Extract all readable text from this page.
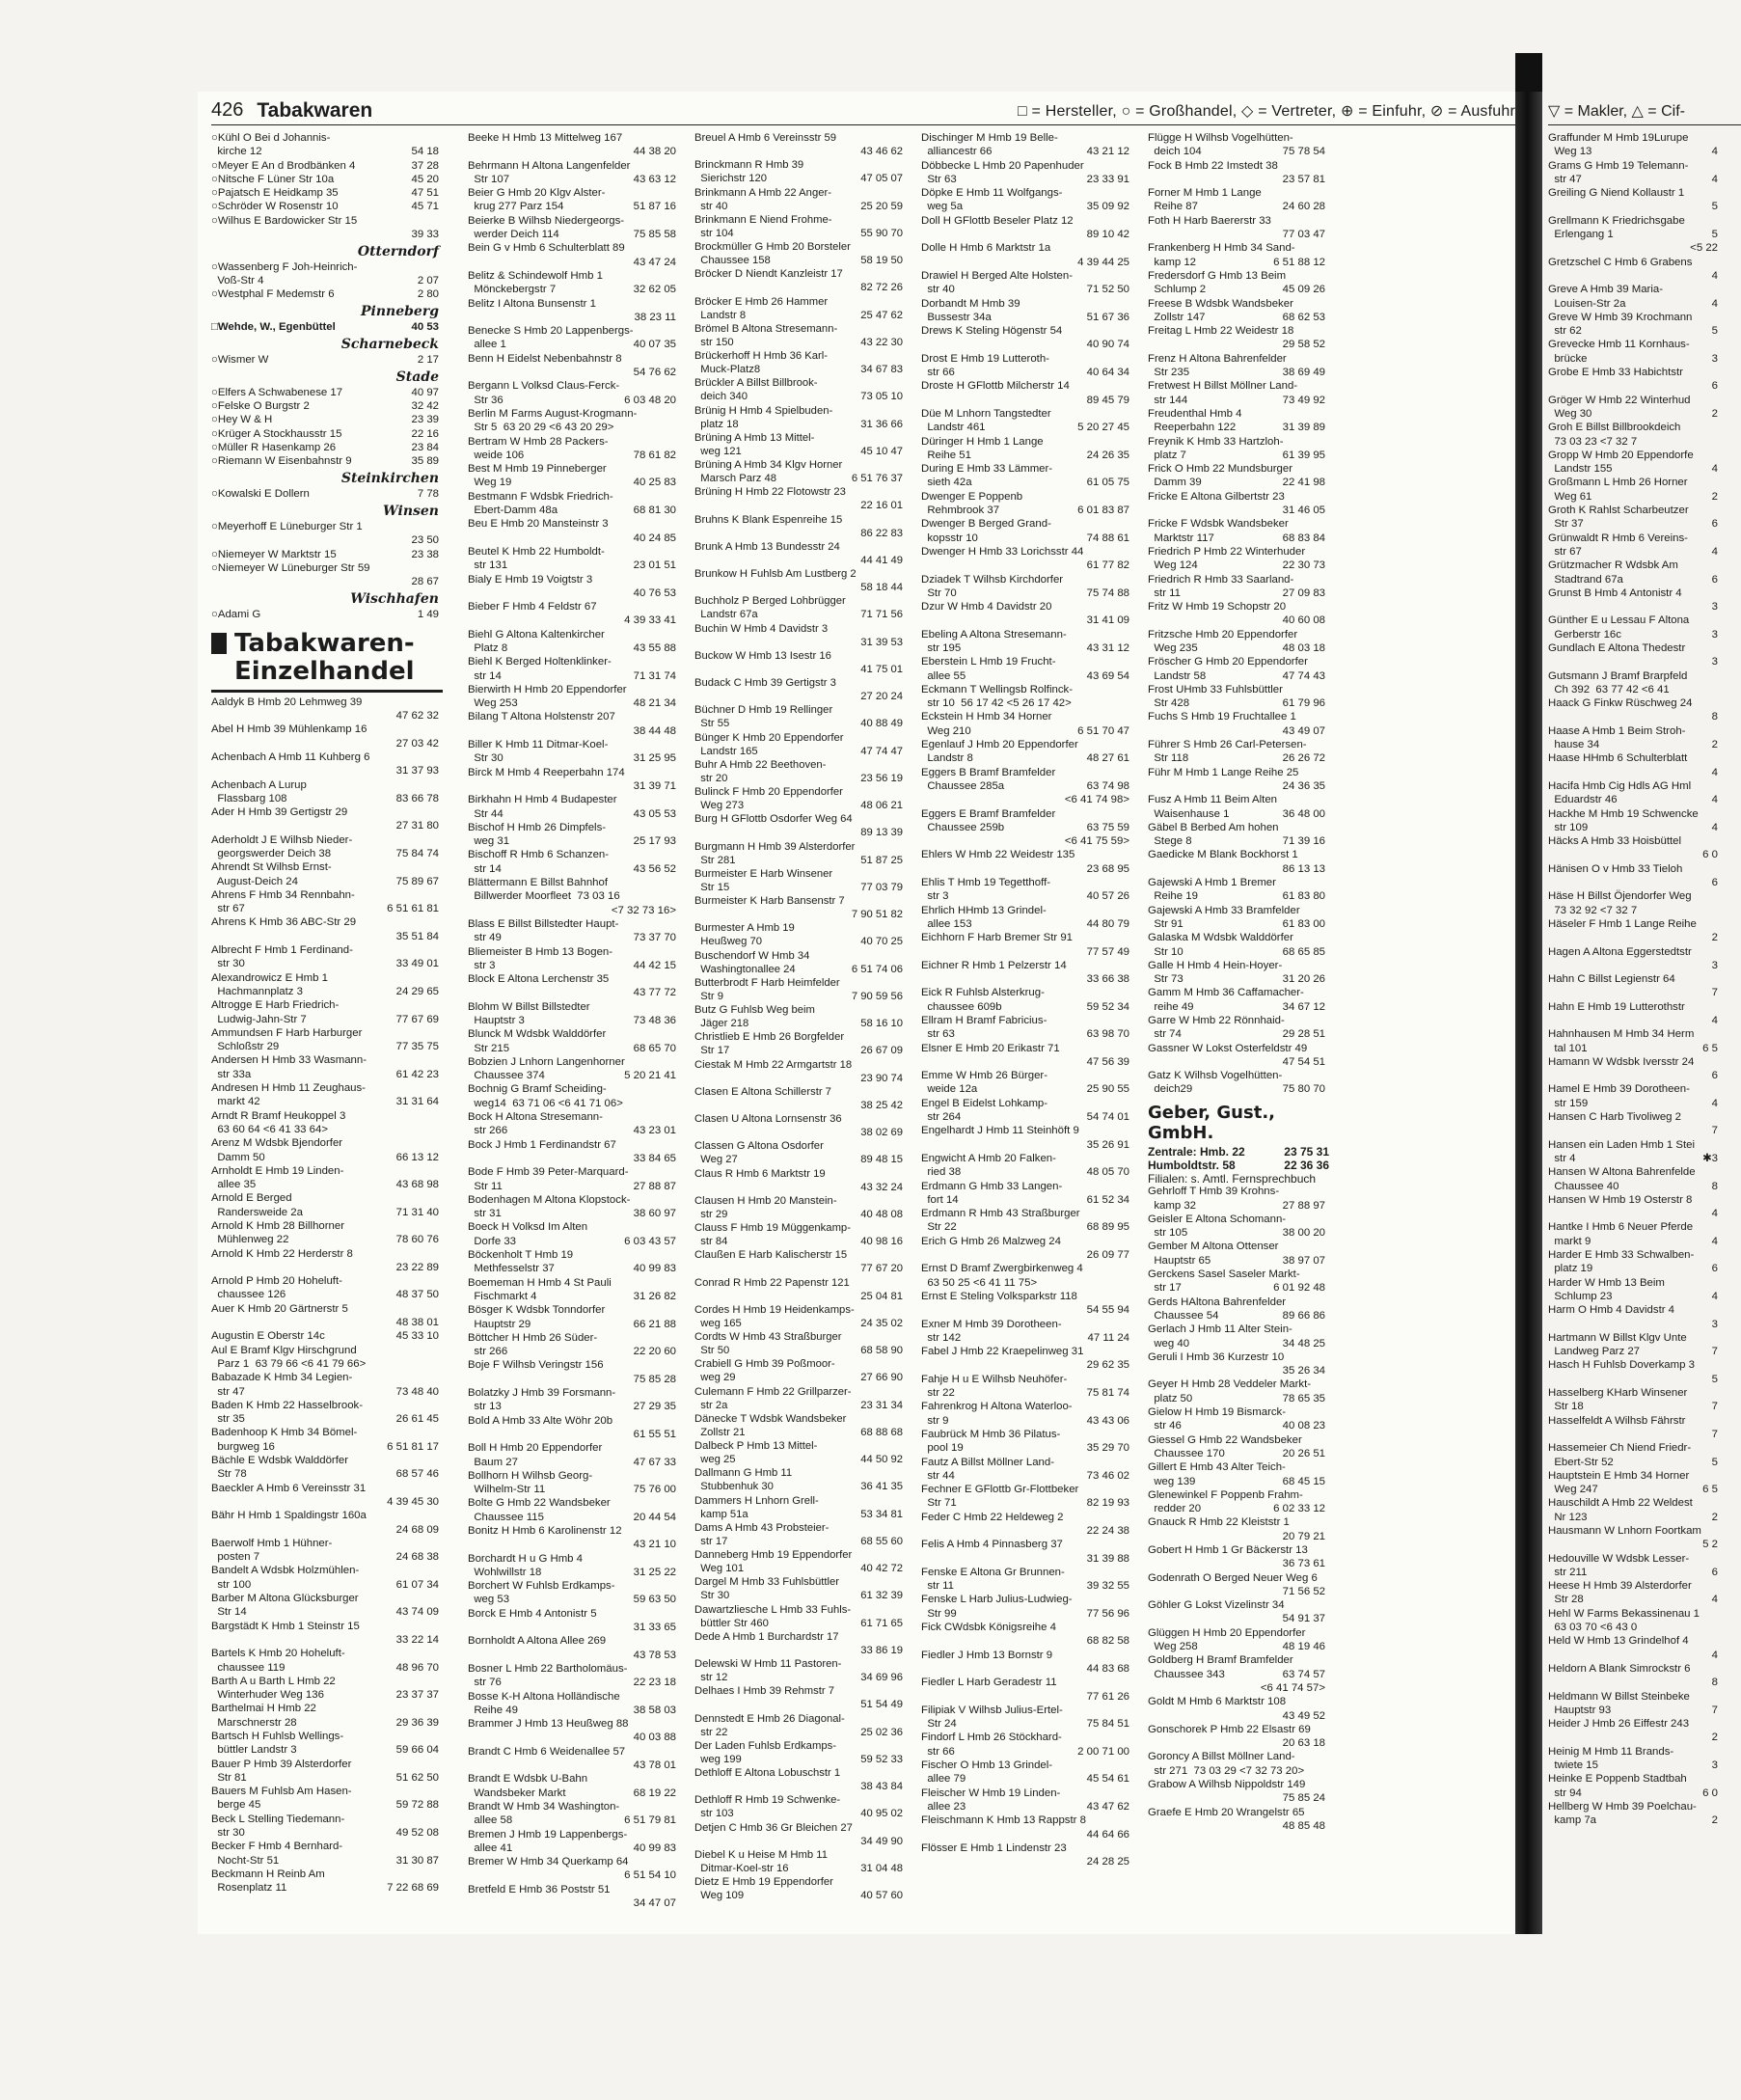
426 Tabakwaren	□ = Hersteller, ○ = Großhandel, ◇ = Vertreter, ⊕ = Einfuhr, ⊘ = Ausfuhr ▽ = Makler, △ = Cif-
○Kühl O Bei d Johannis-
kirche 12	54 18
○Meyer E An d Brodbänken 4	37 28
○Nitsche F Lüner Str 10a	45 20
○Pajatsch E Heidkamp 35	47 51
○Schröder W Rosenstr 10	45 71
○Wilhus E Bardowicker Str 15
39 33
Otterndorf
○Wassenberg F Joh-Heinrich-
Voß-Str 4	2 07
○Westphal F Medemstr 6	2 80
Pinneberg
□Wehde, W., Egenbüttel	40 53
Scharnebeck
○Wismer W	2 17
Stade
○Elfers A Schwabenese 17	40 97
○Felske O Burgstr 2	32 42
○Hey W & H	23 39
○Krüger A Stockhausstr 15	22 16
○Müller R Hasenkamp 26	23 84
○Riemann W Eisenbahnstr 9	35 89
Steinkirchen
○Kowalski E Dollern	7 78
Winsen
○Meyerhoff E Lüneburger Str 1
23 50
○Niemeyer W Marktstr 15	23 38
○Niemeyer W Lüneburger Str 59
28 67
Wischhafen
○Adami G	1 49
Tabakwaren-
Einzelhandel
Aaldyk B Hmb 20 Lehmweg 39
47 62 32
Abel H Hmb 39 Mühlenkamp 16
27 03 42
Achenbach A Hmb 11 Kuhberg 6
31 37 93
Achenbach A Lurup
Flassbarg 108	83 66 78
Ader H Hmb 39 Gertigstr 29
27 31 80
Aderholdt J E Wilhsb Nieder-
georgswerder Deich 38	75 84 74
Ahrendt St Wilhsb Ernst-
August-Deich 24	75 89 67
Ahrens F Hmb 34 Rennbahn-
str 67	6 51 61 81
Ahrens K Hmb 36 ABC-Str 29
35 51 84
Albrecht F Hmb 1 Ferdinand-
str 30	33 49 01
Alexandrowicz E Hmb 1
Hachmannplatz 3	24 29 65
Altrogge E Harb Friedrich-
Ludwig-Jahn-Str 7	77 67 69
Ammundsen F Harb Harburger
Schloßstr 29	77 35 75
Andersen H Hmb 33 Wasmann-
str 33a	61 42 23
Andresen H Hmb 11 Zeughaus-
markt 42	31 31 64
Arndt R Bramf Heukoppel 3
63 60 64 <6 41 33 64>
Arenz M Wdsbk Bjendorfer
Damm 50	66 13 12
Arnholdt E Hmb 19 Linden-
allee 35	43 68 98
Arnold E Berged
Randersweide 2a	71 31 40
Arnold K Hmb 28 Billhorner
Mühlenweg 22	78 60 76
Arnold K Hmb 22 Herderstr 8
23 22 89
Arnold P Hmb 20 Hoheluft-
chaussee 126	48 37 50
Auer K Hmb 20 Gärtnerstr 5
48 38 01
Augustin E Oberstr 14c	45 33 10
Aul E Bramf Klgv Hirschgrund
Parz 1  63 79 66 <6 41 79 66>
Babazade K Hmb 34 Legien-
str 47	73 48 40
Baden K Hmb 22 Hasselbrook-
str 35	26 61 45
Badenhoop K Hmb 34 Bömel-
burgweg 16	6 51 81 17
Bächle E Wdsbk Walddörfer
Str 78	68 57 46
Baeckler A Hmb 6 Vereinsstr 31
4 39 45 30
Bähr H Hmb 1 Spaldingstr 160a
24 68 09
Baerwolf Hmb 1 Hühner-
posten 7	24 68 38
Bandelt A Wdsbk Holzmühlen-
str 100	61 07 34
Barber M Altona Glücksburger
Str 14	43 74 09
Bargstädt K Hmb 1 Steinstr 15
33 22 14
Bartels K Hmb 20 Hoheluft-
chaussee 119	48 96 70
Barth A u Barth L Hmb 22
Winterhuder Weg 136	23 37 37
Barthelmai H Hmb 22
Marschnerstr 28	29 36 39
Bartsch H Fuhlsb Wellings-
büttler Landstr 3	59 66 04
Bauer P Hmb 39 Alsterdorfer
Str 81	51 62 50
Bauers M Fuhlsb Am Hasen-
berge 45	59 72 88
Beck L Stelling Tiedemann-
str 30	49 52 08
Becker F Hmb 4 Bernhard-
Nocht-Str 51	31 30 87
Beckmann H Reinb Am
Rosenplatz 11	7 22 68 69
Beeke H Hmb 13 Mittelweg 167
44 38 20
Behrmann H Altona Langenfelder
Str 107	43 63 12
Beier G Hmb 20 Klgv Alster-
krug 277 Parz 154	51 87 16
Beierke B Wilhsb Niedergeorgs-
werder Deich 114	75 85 58
Bein G v Hmb 6 Schulterblatt 89
43 47 24
Belitz & Schindewolf Hmb 1
Mönckebergstr 7	32 62 05
Belitz I Altona Bunsenstr 1
38 23 11
Benecke S Hmb 20 Lappenbergs-
allee 1	40 07 35
Benn H Eidelst Nebenbahnstr 8
54 76 62
Bergann L Volksd Claus-Ferck-
Str 36	6 03 48 20
Berlin M Farms August-Krogmann-
Str 5  63 20 29 <6 43 20 29>
Bertram W Hmb 28 Packers-
weide 106	78 61 82
Best M Hmb 19 Pinneberger
Weg 19	40 25 83
Bestmann F Wdsbk Friedrich-
Ebert-Damm 48a	68 81 30
Beu E Hmb 20 Mansteinstr 3
40 24 85
Beutel K Hmb 22 Humboldt-
str 131	23 01 51
Bialy E Hmb 19 Voigtstr 3
40 76 53
Bieber F Hmb 4 Feldstr 67
4 39 33 41
Biehl G Altona Kaltenkircher
Platz 8	43 55 88
Biehl K Berged Holtenklinker-
str 14	71 31 74
Bierwirth H Hmb 20 Eppendorfer
Weg 253	48 21 34
Bilang T Altona Holstenstr 207
38 44 48
Biller K Hmb 11 Ditmar-Koel-
Str 30	31 25 95
Birck M Hmb 4 Reeperbahn 174
31 39 71
Birkhahn H Hmb 4 Budapester
Str 44	43 05 53
Bischof H Hmb 26 Dimpfels-
weg 31	25 17 93
Bischoff R Hmb 6 Schanzen-
str 14	43 56 52
Blättermann E Billst Bahnhof
Billwerder Moorfleet  73 03 16
<7 32 73 16>
Blass E Billst Billstedter Haupt-
str 49	73 37 70
Bliemeister B Hmb 13 Bogen-
str 3	44 42 15
Block E Altona Lerchenstr 35
43 77 72
Blohm W Billst Billstedter
Hauptstr 3	73 48 36
Blunck M Wdsbk Walddörfer
Str 215	68 65 70
Bobzien J Lnhorn Langenhorner
Chaussee 374	5 20 21 41
Bochnig G Bramf Scheiding-
weg14  63 71 06 <6 41 71 06>
Bock H Altona Stresemann-
str 266	43 23 01
Bock J Hmb 1 Ferdinandstr 67
33 84 65
Bode F Hmb 39 Peter-Marquard-
Str 11	27 88 87
Bodenhagen M Altona Klopstock-
str 31	38 60 97
Boeck H Volksd Im Alten
Dorfe 33	6 03 43 57
Böckenholt T Hmb 19
Methfesselstr 37	40 99 83
Boememan H Hmb 4 St Pauli
Fischmarkt 4	31 26 82
Bösger K Wdsbk Tonndorfer
Hauptstr 29	66 21 88
Böttcher H Hmb 26 Süder-
str 266	22 20 60
Boje F Wilhsb Veringstr 156
75 85 28
Bolatzky J Hmb 39 Forsmann-
str 13	27 29 35
Bold A Hmb 33 Alte Wöhr 20b
61 55 51
Boll H Hmb 20 Eppendorfer
Baum 27	47 67 33
Bollhorn H Wilhsb Georg-
Wilhelm-Str 11	75 76 00
Bolte G Hmb 22 Wandsbeker
Chaussee 115	20 44 54
Bonitz H Hmb 6 Karolinenstr 12
43 21 10
Borchardt H u G Hmb 4
Wohlwillstr 18	31 25 22
Borchert W Fuhlsb Erdkamps-
weg 53	59 63 50
Borck E Hmb 4 Antonistr 5
31 33 65
Bornholdt A Altona Allee 269
43 78 53
Bosner L Hmb 22 Bartholomäus-
str 76	22 23 18
Bosse K-H Altona Holländische
Reihe 49	38 58 03
Brammer J Hmb 13 Heußweg 88
40 03 88
Brandt C Hmb 6 Weidenallee 57
43 78 01
Brandt E Wdsbk U-Bahn
Wandsbeker Markt	68 19 22
Brandt W Hmb 34 Washington-
allee 58	6 51 79 81
Bremen J Hmb 19 Lappenbergs-
allee 41	40 99 83
Bremer W Hmb 34 Querkamp 64
6 51 54 10
Bretfeld E Hmb 36 Poststr 51
34 47 07
Breuel A Hmb 6 Vereinsstr 59
43 46 62
Brinckmann R Hmb 39
Sierichstr 120	47 05 07
Brinkmann A Hmb 22 Anger-
str 40	25 20 59
Brinkmann E Niend Frohme-
str 104	55 90 70
Brockmüller G Hmb 20 Borsteler
Chaussee 158	58 19 50
Bröcker D Niendt Kanzleistr 17
82 72 26
Bröcker E Hmb 26 Hammer
Landstr 8	25 47 62
Brömel B Altona Stresemann-
str 150	43 22 30
Brückerhoff H Hmb 36 Karl-
Muck-Platz8	34 67 83
Brückler A Billst Billbrook-
deich 340	73 05 10
Brünig H Hmb 4 Spielbuden-
platz 18	31 36 66
Brüning A Hmb 13 Mittel-
weg 121	45 10 47
Brüning A Hmb 34 Klgv Horner
Marsch Parz 48	6 51 76 37
Brüning H Hmb 22 Flotowstr 23
22 16 01
Bruhns K Blank Espenreihe 15
86 22 83
Brunk A Hmb 13 Bundesstr 24
44 41 49
Brunkow H Fuhlsb Am Lustberg 2
58 18 44
Buchholz P Berged Lohbrügger
Landstr 67a	71 71 56
Buchin W Hmb 4 Davidstr 3
31 39 53
Buckow W Hmb 13 Isestr 16
41 75 01
Budack C Hmb 39 Gertigstr 3
27 20 24
Büchner D Hmb 19 Rellinger
Str 55	40 88 49
Bünger K Hmb 20 Eppendorfer
Landstr 165	47 74 47
Buhr A Hmb 22 Beethoven-
str 20	23 56 19
Bulinck F Hmb 20 Eppendorfer
Weg 273	48 06 21
Burg H GFlottb Osdorfer Weg 64
89 13 39
Burgmann H Hmb 39 Alsterdorfer
Str 281	51 87 25
Burmeister E Harb Winsener
Str 15	77 03 79
Burmeister K Harb Bansenstr 7
7 90 51 82
Burmester A Hmb 19
Heußweg 70	40 70 25
Buschendorf W Hmb 34
Washingtonallee 24	6 51 74 06
Butterbrodt F Harb Heimfelder
Str 9	7 90 59 56
Butz G Fuhlsb Weg beim
Jäger 218	58 16 10
Christlieb E Hmb 26 Borgfelder
Str 17	26 67 09
Ciestak M Hmb 22 Armgartstr 18
23 90 74
Clasen E Altona Schillerstr 7
38 25 42
Clasen U Altona Lornsenstr 36
38 02 69
Classen G Altona Osdorfer
Weg 27	89 48 15
Claus R Hmb 6 Marktstr 19
43 32 24
Clausen H Hmb 20 Manstein-
str 29	40 48 08
Clauss F Hmb 19 Müggenkamp-
str 84	40 98 16
Claußen E Harb Kalischerstr 15
77 67 20
Conrad R Hmb 22 Papenstr 121
25 04 81
Cordes H Hmb 19 Heidenkamps-
weg 165	24 35 02
Cordts W Hmb 43 Straßburger
Str 50	68 58 90
Crabiell G Hmb 39 Poßmoor-
weg 29	27 66 90
Culemann F Hmb 22 Grillparzer-
str 2a	23 31 34
Dänecke T Wdsbk Wandsbeker
Zollstr 21	68 88 68
Dalbeck P Hmb 13 Mittel-
weg 25	44 50 92
Dallmann G Hmb 11
Stubbenhuk 30	36 41 35
Dammers H Lnhorn Grell-
kamp 51a	53 34 81
Dams A Hmb 43 Probsteier-
str 17	68 55 60
Danneberg Hmb 19 Eppendorfer
Weg 101	40 42 72
Dargel M Hmb 33 Fuhlsbüttler
Str 30	61 32 39
Dawartzliesche L Hmb 33 Fuhls-
büttler Str 460	61 71 65
Dede A Hmb 1 Burchardstr 17
33 86 19
Delewski W Hmb 11 Pastoren-
str 12	34 69 96
Delhaes I Hmb 39 Rehmstr 7
51 54 49
Dennstedt E Hmb 26 Diagonal-
str 22	25 02 36
Der Laden Fuhlsb Erdkamps-
weg 199	59 52 33
Dethloff E Altona Lobuschstr 1
38 43 84
Dethloff R Hmb 19 Schwenke-
str 103	40 95 02
Detjen C Hmb 36 Gr Bleichen 27
34 49 90
Diebel K u Heise M Hmb 11
Ditmar-Koel-str 16	31 04 48
Dietz E Hmb 19 Eppendorfer
Weg 109	40 57 60
Dischinger M Hmb 19 Belle-
alliancestr 66	43 21 12
Döbbecke L Hmb 20 Papenhuder
Str 63	23 33 91
Döpke E Hmb 11 Wolfgangs-
weg 5a	35 09 92
Doll H GFlottb Beseler Platz 12
89 10 42
Dolle H Hmb 6 Marktstr 1a
4 39 44 25
Drawiel H Berged Alte Holsten-
str 40	71 52 50
Dorbandt M Hmb 39
Bussestr 34a	51 67 36
Drews K Steling Högenstr 54
40 90 74
Drost E Hmb 19 Lutteroth-
str 66	40 64 34
Droste H GFlottb Milcherstr 14
89 45 79
Düe M Lnhorn Tangstedter
Landstr 461	5 20 27 45
Düringer H Hmb 1 Lange
Reihe 51	24 26 35
During E Hmb 33 Lämmer-
sieth 42a	61 05 75
Dwenger E Poppenb
Rehmbrook 37	6 01 83 87
Dwenger B Berged Grand-
kopsstr 10	74 88 61
Dwenger H Hmb 33 Lorichsstr 44
61 77 82
Dziadek T Wilhsb Kirchdorfer
Str 70	75 74 88
Dzur W Hmb 4 Davidstr 20
31 41 09
Ebeling A Altona Stresemann-
str 195	43 31 12
Eberstein L Hmb 19 Frucht-
allee 55	43 69 54
Eckmann T Wellingsb Rolfinck-
str 10  56 17 42 <5 26 17 42>
Eckstein H Hmb 34 Horner
Weg 210	6 51 70 47
Egenlauf J Hmb 20 Eppendorfer
Landstr 8	48 27 61
Eggers B Bramf Bramfelder
Chaussee 285a	63 74 98
<6 41 74 98>
Eggers E Bramf Bramfelder
Chaussee 259b	63 75 59
<6 41 75 59>
Ehlers W Hmb 22 Weidestr 135
23 68 95
Ehlis T Hmb 19 Tegetthoff-
str 3	40 57 26
Ehrlich HHmb 13 Grindel-
allee 153	44 80 79
Eichhorn F Harb Bremer Str 91
77 57 49
Eichner R Hmb 1 Pelzerstr 14
33 66 38
Eick R Fuhlsb Alsterkrug-
chaussee 609b	59 52 34
Ellram H Bramf Fabricius-
str 63	63 98 70
Elsner E Hmb 20 Erikastr 71
47 56 39
Emme W Hmb 26 Bürger-
weide 12a	25 90 55
Engel B Eidelst Lohkamp-
str 264	54 74 01
Engelhardt J Hmb 11 Steinhöft 9
35 26 91
Engwicht A Hmb 20 Falken-
ried 38	48 05 70
Erdmann G Hmb 33 Langen-
fort 14	61 52 34
Erdmann R Hmb 43 Straßburger
Str 22	68 89 95
Erich G Hmb 26 Malzweg 24
26 09 77
Ernst D Bramf Zwergbirkenweg 4
63 50 25 <6 41 11 75>
Ernst E Steling Volksparkstr 118
54 55 94
Exner M Hmb 39 Dorotheen-
str 142	47 11 24
Fabel J Hmb 22 Kraepelinweg 31
29 62 35
Fahje H u E Wilhsb Neuhöfer-
str 22	75 81 74
Fahrenkrog H Altona Waterloo-
str 9	43 43 06
Faubrück M Hmb 36 Pilatus-
pool 19	35 29 70
Fautz A Billst Möllner Land-
str 44	73 46 02
Fechner E GFlottb Gr-Flottbeker
Str 71	82 19 93
Feder C Hmb 22 Heldeweg 2
22 24 38
Felis A Hmb 4 Pinnasberg 37
31 39 88
Fenske E Altona Gr Brunnen-
str 11	39 32 55
Fenske L Harb Julius-Ludwieg-
Str 99	77 56 96
Fick CWdsbk Königsreihe 4
68 82 58
Fiedler J Hmb 13 Bornstr 9
44 83 68
Fiedler L Harb Geradestr 11
77 61 26
Filipiak V Wilhsb Julius-Ertel-
Str 24	75 84 51
Findorf L Hmb 26 Stöckhard-
str 66	2 00 71 00
Fischer O Hmb 13 Grindel-
allee 79	45 54 61
Fleischer W Hmb 19 Linden-
allee 23	43 47 62
Fleischmann K Hmb 13 Rappstr 8
44 64 66
Flösser E Hmb 1 Lindenstr 23
24 28 25
Flügge H Wilhsb Vogelhütten-
deich 104	75 78 54
Fock B Hmb 22 Imstedt 38
23 57 81
Forner M Hmb 1 Lange
Reihe 87	24 60 28
Foth H Harb Baererstr 33
77 03 47
Frankenberg H Hmb 34 Sand-
kamp 12	6 51 88 12
Fredersdorf G Hmb 13 Beim
Schlump 2	45 09 26
Freese B Wdsbk Wandsbeker
Zollstr 147	68 62 53
Freitag L Hmb 22 Weidestr 18
29 58 52
Frenz H Altona Bahrenfelder
Str 235	38 69 49
Fretwest H Billst Möllner Land-
str 144	73 49 92
Freudenthal Hmb 4
Reeperbahn 122	31 39 89
Freynik K Hmb 33 Hartzloh-
platz 7	61 39 95
Frick O Hmb 22 Mundsburger
Damm 39	22 41 98
Fricke E Altona Gilbertstr 23
31 46 05
Fricke F Wdsbk Wandsbeker
Marktstr 117	68 83 84
Friedrich P Hmb 22 Winterhuder
Weg 124	22 30 73
Friedrich R Hmb 33 Saarland-
str 11	27 09 83
Fritz W Hmb 19 Schopstr 20
40 60 08
Fritzsche Hmb 20 Eppendorfer
Weg 235	48 03 18
Fröscher G Hmb 20 Eppendorfer
Landstr 58	47 74 43
Frost UHmb 33 Fuhlsbüttler
Str 428	61 79 96
Fuchs S Hmb 19 Fruchtallee 1
43 49 07
Führer S Hmb 26 Carl-Petersen-
Str 118	26 26 72
Führ M Hmb 1 Lange Reihe 25
24 36 35
Fusz A Hmb 11 Beim Alten
Waisenhause 1	36 48 00
Gäbel B Berbed Am hohen
Stege 8	71 39 16
Gaedicke M Blank Bockhorst 1
86 13 13
Gajewski A Hmb 1 Bremer
Reihe 19	61 83 80
Gajewski A Hmb 33 Bramfelder
Str 91	61 83 00
Galaska M Wdsbk Walddörfer
Str 10	68 65 85
Galle H Hmb 4 Hein-Hoyer-
Str 73	31 20 26
Gamm M Hmb 36 Caffamacher-
reihe 49	34 67 12
Garre W Hmb 22 Rönnhaid-
str 74	29 28 51
Gassner W Lokst Osterfeldstr 49
47 54 51
Gatz K Wilhsb Vogelhütten-
deich29	75 80 70
Geber, Gust., GmbH.
Zentrale: Hmb. 22	23 75 31
Humboldtstr. 58	22 36 36
Filialen: s. Amtl. Fernsprechbuch
Gehrloff T Hmb 39 Krohns-
kamp 32	27 88 97
Geisler E Altona Schomann-
str 105	38 00 20
Gember M Altona Ottenser
Hauptstr 65	38 97 07
Gerckens Sasel Saseler Markt-
str 17	6 01 92 48
Gerds HAltona Bahrenfelder
Chaussee 54	89 66 86
Gerlach J Hmb 11 Alter Stein-
weg 40	34 48 25
Geruli I Hmb 36 Kurzestr 10
35 26 34
Geyer H Hmb 28 Veddeler Markt-
platz 50	78 65 35
Gielow H Hmb 19 Bismarck-
str 46	40 08 23
Giessel G Hmb 22 Wandsbeker
Chaussee 170	20 26 51
Gillert E Hmb 43 Alter Teich-
weg 139	68 45 15
Glenewinkel F Poppenb Frahm-
redder 20	6 02 33 12
Gnauck R Hmb 22 Kleiststr 1
20 79 21
Gobert H Hmb 1 Gr Bäckerstr 13
36 73 61
Godenrath O Berged Neuer Weg 6
71 56 52
Göhler G Lokst Vizelinstr 34
54 91 37
Glüggen H Hmb 20 Eppendorfer
Weg 258	48 19 46
Goldberg H Bramf Bramfelder
Chaussee 343	63 74 57
<6 41 74 57>
Goldt M Hmb 6 Marktstr 108
43 49 52
Gonschorek P Hmb 22 Elsastr 69
20 63 18
Goroncy A Billst Möllner Land-
str 271  73 03 29 <7 32 73 20>
Grabow A Wilhsb Nippoldstr 149
75 85 24
Graefe E Hmb 20 Wrangelstr 65
48 85 48
Graffunder M Hmb 19Lurupe
Weg 13	4
Grams G Hmb 19 Telemann-
str 47	4
Greiling G Niend Kollaustr 1
5
Grellmann K Friedrichsgabe
Erlengang 1	5
<5 22
Gretzschel C Hmb 6 Grabens
4
Greve A Hmb 39 Maria-
Louisen-Str 2a	4
Greve W Hmb 39 Krochmann
str 62	5
Grevecke Hmb 11 Kornhaus-
brücke	3
Grobe E Hmb 33 Habichtstr
6
Gröger W Hmb 22 Winterhud
Weg 30	2
Groh E Billst Billbrookdeich
73 03 23 <7 32 7
Gropp W Hmb 20 Eppendorfe
Landstr 155	4
Großmann L Hmb 26 Horner
Weg 61	2
Groth K Rahlst Scharbeutzer
Str 37	6
Grünwaldt R Hmb 6 Vereins-
str 67	4
Grützmacher R Wdsbk Am
Stadtrand 67a	6
Grunst B Hmb 4 Antonistr 4
3
Günther E u Lessau F Altona
Gerberstr 16c	3
Gundlach E Altona Thedestr
3
Gutsmann J Bramf Brarpfeld
Ch 392  63 77 42 <6 41
Haack G Finkw Rüschweg 24
8
Haase A Hmb 1 Beim Stroh-
hause 34	2
Haase HHmb 6 Schulterblatt
4
Hacifa Hmb Cig Hdls AG Hml
Eduardstr 46	4
Hackhe M Hmb 19 Schwencke
str 109	4
Häcks A Hmb 33 Hoisbüttel
6 0
Hänisen O v Hmb 33 Tieloh
6
Häse H Billst Öjendorfer Weg
73 32 92 <7 32 7
Häseler F Hmb 1 Lange Reihe
2
Hagen A Altona Eggerstedtstr
3
Hahn C Billst Legienstr 64
7
Hahn E Hmb 19 Lutterothstr
4
Hahnhausen M Hmb 34 Herm
tal 101	6 5
Hamann W Wdsbk Iversstr 24
6
Hamel E Hmb 39 Dorotheen-
str 159	4
Hansen C Harb Tivoliweg 2
7
Hansen ein Laden Hmb 1 Stei
str 4	✱3
Hansen W Altona Bahrenfelde
Chaussee 40	8
Hansen W Hmb 19 Osterstr 8
4
Hantke I Hmb 6 Neuer Pferde
markt 9	4
Harder E Hmb 33 Schwalben-
platz 19	6
Harder W Hmb 13 Beim
Schlump 23	4
Harm O Hmb 4 Davidstr 4
3
Hartmann W Billst Klgv Unte
Landweg Parz 27	7
Hasch H Fuhlsb Doverkamp 3
5
Hasselberg KHarb Winsener
Str 18	7
Hasselfeldt A Wilhsb Fährstr
7
Hassemeier Ch Niend Friedr-
Ebert-Str 52	5
Hauptstein E Hmb 34 Horner
Weg 247	6 5
Hauschildt A Hmb 22 Weldest
Nr 123	2
Hausmann W Lnhorn Foortkam
5 2
Hedouville W Wdsbk Lesser-
str 211	6
Heese H Hmb 39 Alsterdorfer
Str 28	4
Hehl W Farms Bekassinenau 1
63 03 70 <6 43 0
Held W Hmb 13 Grindelhof 4
4
Heldorn A Blank Simrockstr 6
8
Heldmann W Billst Steinbeke
Hauptstr 93	7
Heider J Hmb 26 Eiffestr 243
2
Heinig M Hmb 11 Brands-
twiete 15	3
Heinke E Poppenb Stadtbah
str 94	6 0
Hellberg W Hmb 39 Poelchau-
kamp 7a	2
